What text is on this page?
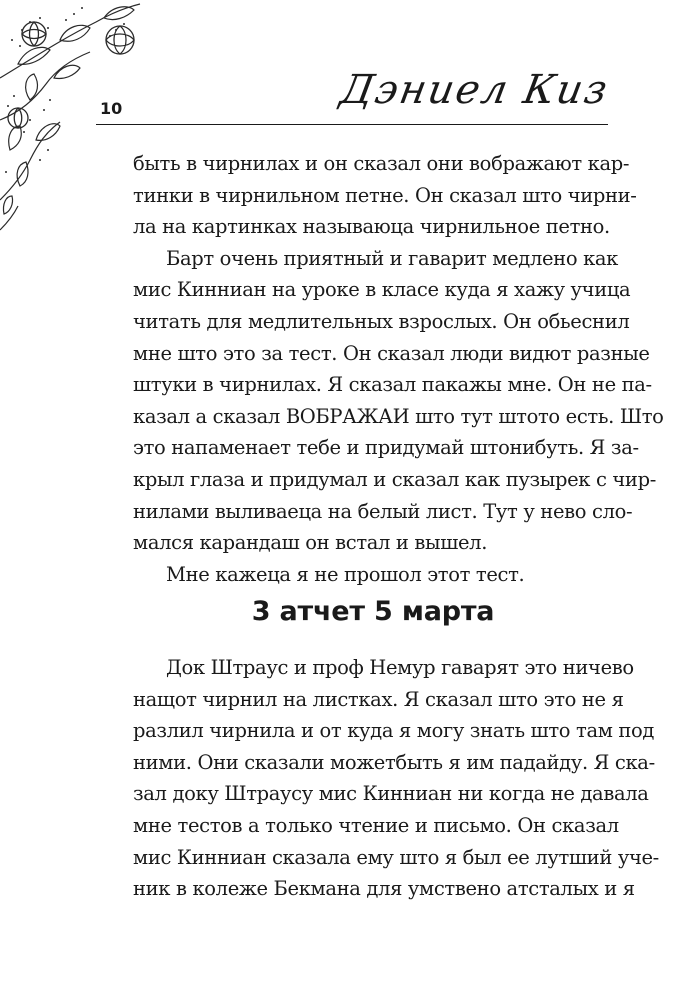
10	Дэниел Киз
быть в чирнилах и он сказал они вображают кар-
тинки в чирнильном петне. Он сказал што чирни-
ла на картинках называюца чирнильное петно.
Барт очень приятный и гаварит медлено как
мис Кинниан на уроке в класе куда я хажу учица
читать для медлительных взрослых. Он обьеснил
мне што это за тест. Он сказал люди видют разные
штуки в чирнилах. Я сказал пакажы мне. Он не па-
казал а сказал ВОБРАЖАИ што тут штото есть. Што
это напаменает тебе и придумай штонибуть. Я за-
крыл глаза и придумал и сказал как пузырек с чир-
нилами выливаеца на белый лист. Тут у нево сло-
мался карандаш он встал и вышел.
Мне кажеца я не прошол этот тест.
3 атчет 5 марта
Док Штраус и проф Немур гаварят это ничево
нащот чирнил на листках. Я сказал што это не я
разлил чирнила и от куда я могу знать што там под
ними. Они сказали можетбыть я им падайду. Я ска-
зал доку Штраусу мис Кинниан ни когда не давала
мне тестов а только чтение и письмо. Он сказал
мис Кинниан сказала ему што я был ее лутший уче-
ник в колеже Бекмана для умствено атсталых и я
